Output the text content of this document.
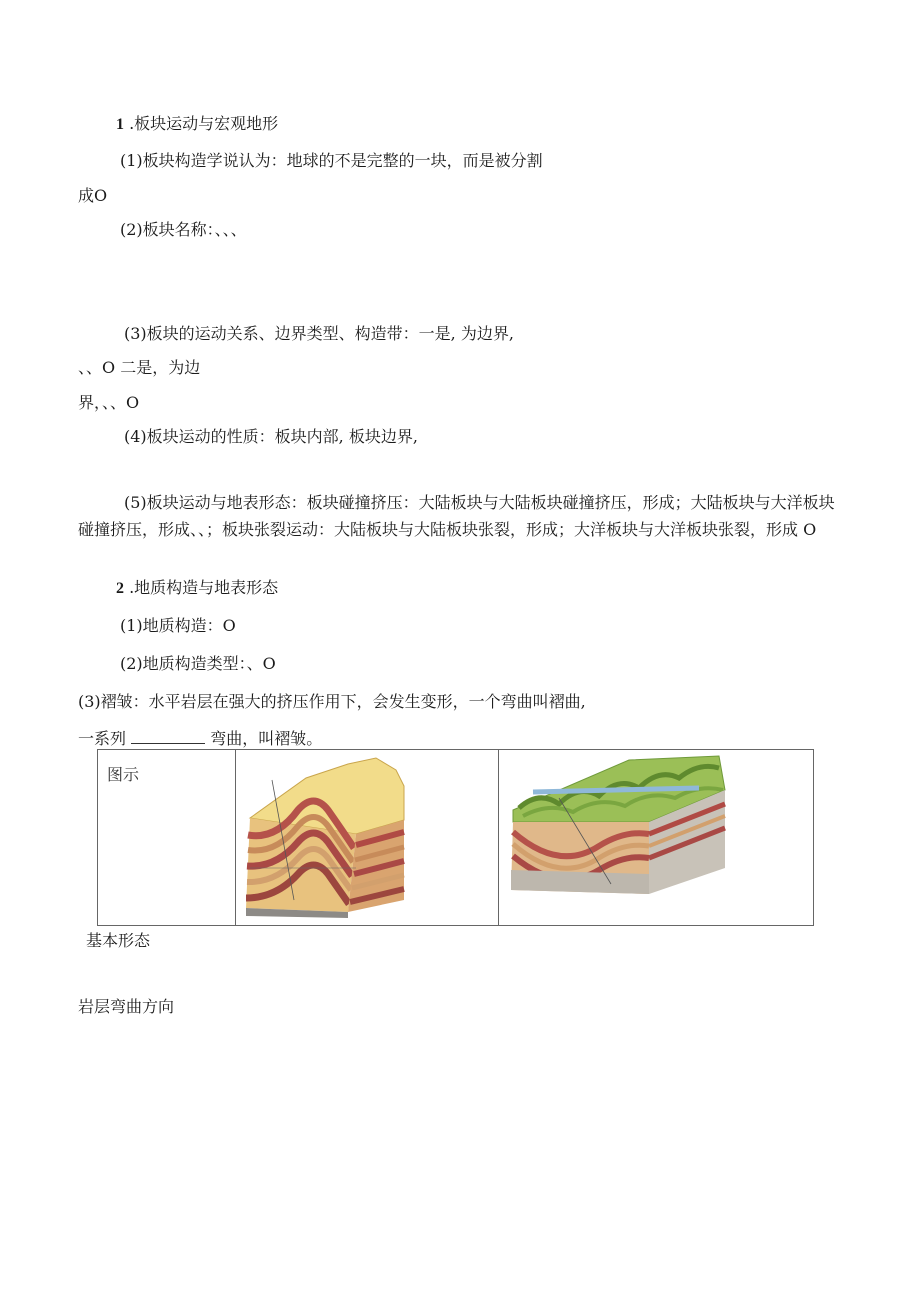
1 .板块运动与宏观地形
(1)板块构造学说认为：地球的不是完整的一块，而是被分割
成O
(2)板块名称：、、、
(3)板块的运动关系、边界类型、构造带：一是, 为边界,
、、O 二是，为边
界，、、O
(4)板块运动的性质：板块内部, 板块边界,
(5)板块运动与地表形态：板块碰撞挤压：大陆板块与大陆板块碰撞挤压，形成；大陆板块与大洋板块碰撞挤压，形成、、；板块张裂运动：大陆板块与大陆板块张裂，形成；大洋板块与大洋板块张裂，形成 O
2 .地质构造与地表形态
(1)地质构造：O
(2)地质构造类型：、O
(3)褶皱：水平岩层在强大的挤压作用下，会发生变形，一个弯曲叫褶曲,
一系列	弯曲，叫褶皱。
图示		
基本形态
岩层弯曲方向
